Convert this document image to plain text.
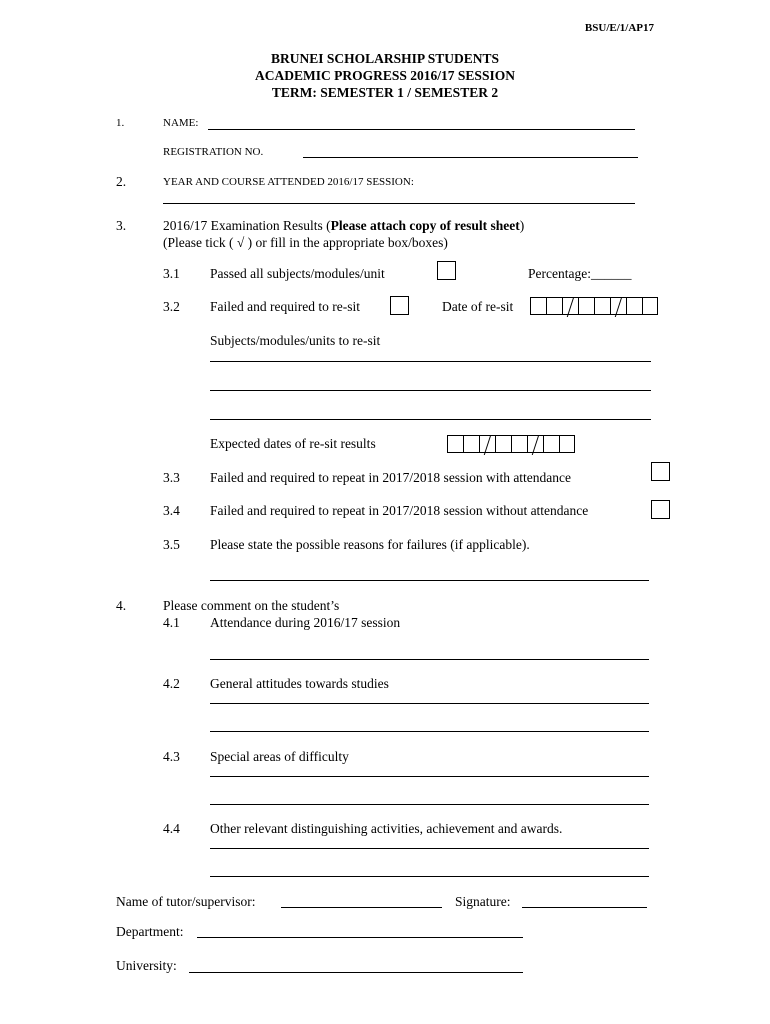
BSU/E/1/AP17
BRUNEI SCHOLARSHIP STUDENTS
ACADEMIC PROGRESS 2016/17 SESSION
TERM: SEMESTER 1 / SEMESTER 2
1.	NAME:
REGISTRATION NO.
2.	YEAR AND COURSE ATTENDED 2016/17 SESSION:
3.	2016/17 Examination Results (Please attach copy of result sheet)
(Please tick ( √ ) or fill in the appropriate box/boxes)
3.1 Passed all subjects/modules/unit	Percentage:______
3.2 Failed and required to re-sit	Date of re-sit
Subjects/modules/units to re-sit
Expected dates of re-sit results
3.3 Failed and required to repeat in 2017/2018 session with attendance
3.4 Failed and required to repeat in 2017/2018 session without attendance
3.5 Please state the possible reasons for failures (if applicable).
4.	Please comment on the student’s
4.1 Attendance during 2016/17 session
4.2 General attitudes towards studies
4.3 Special areas of difficulty
4.4 Other relevant distinguishing activities, achievement and awards.
Name of tutor/supervisor:	Signature:
Department:
University:
